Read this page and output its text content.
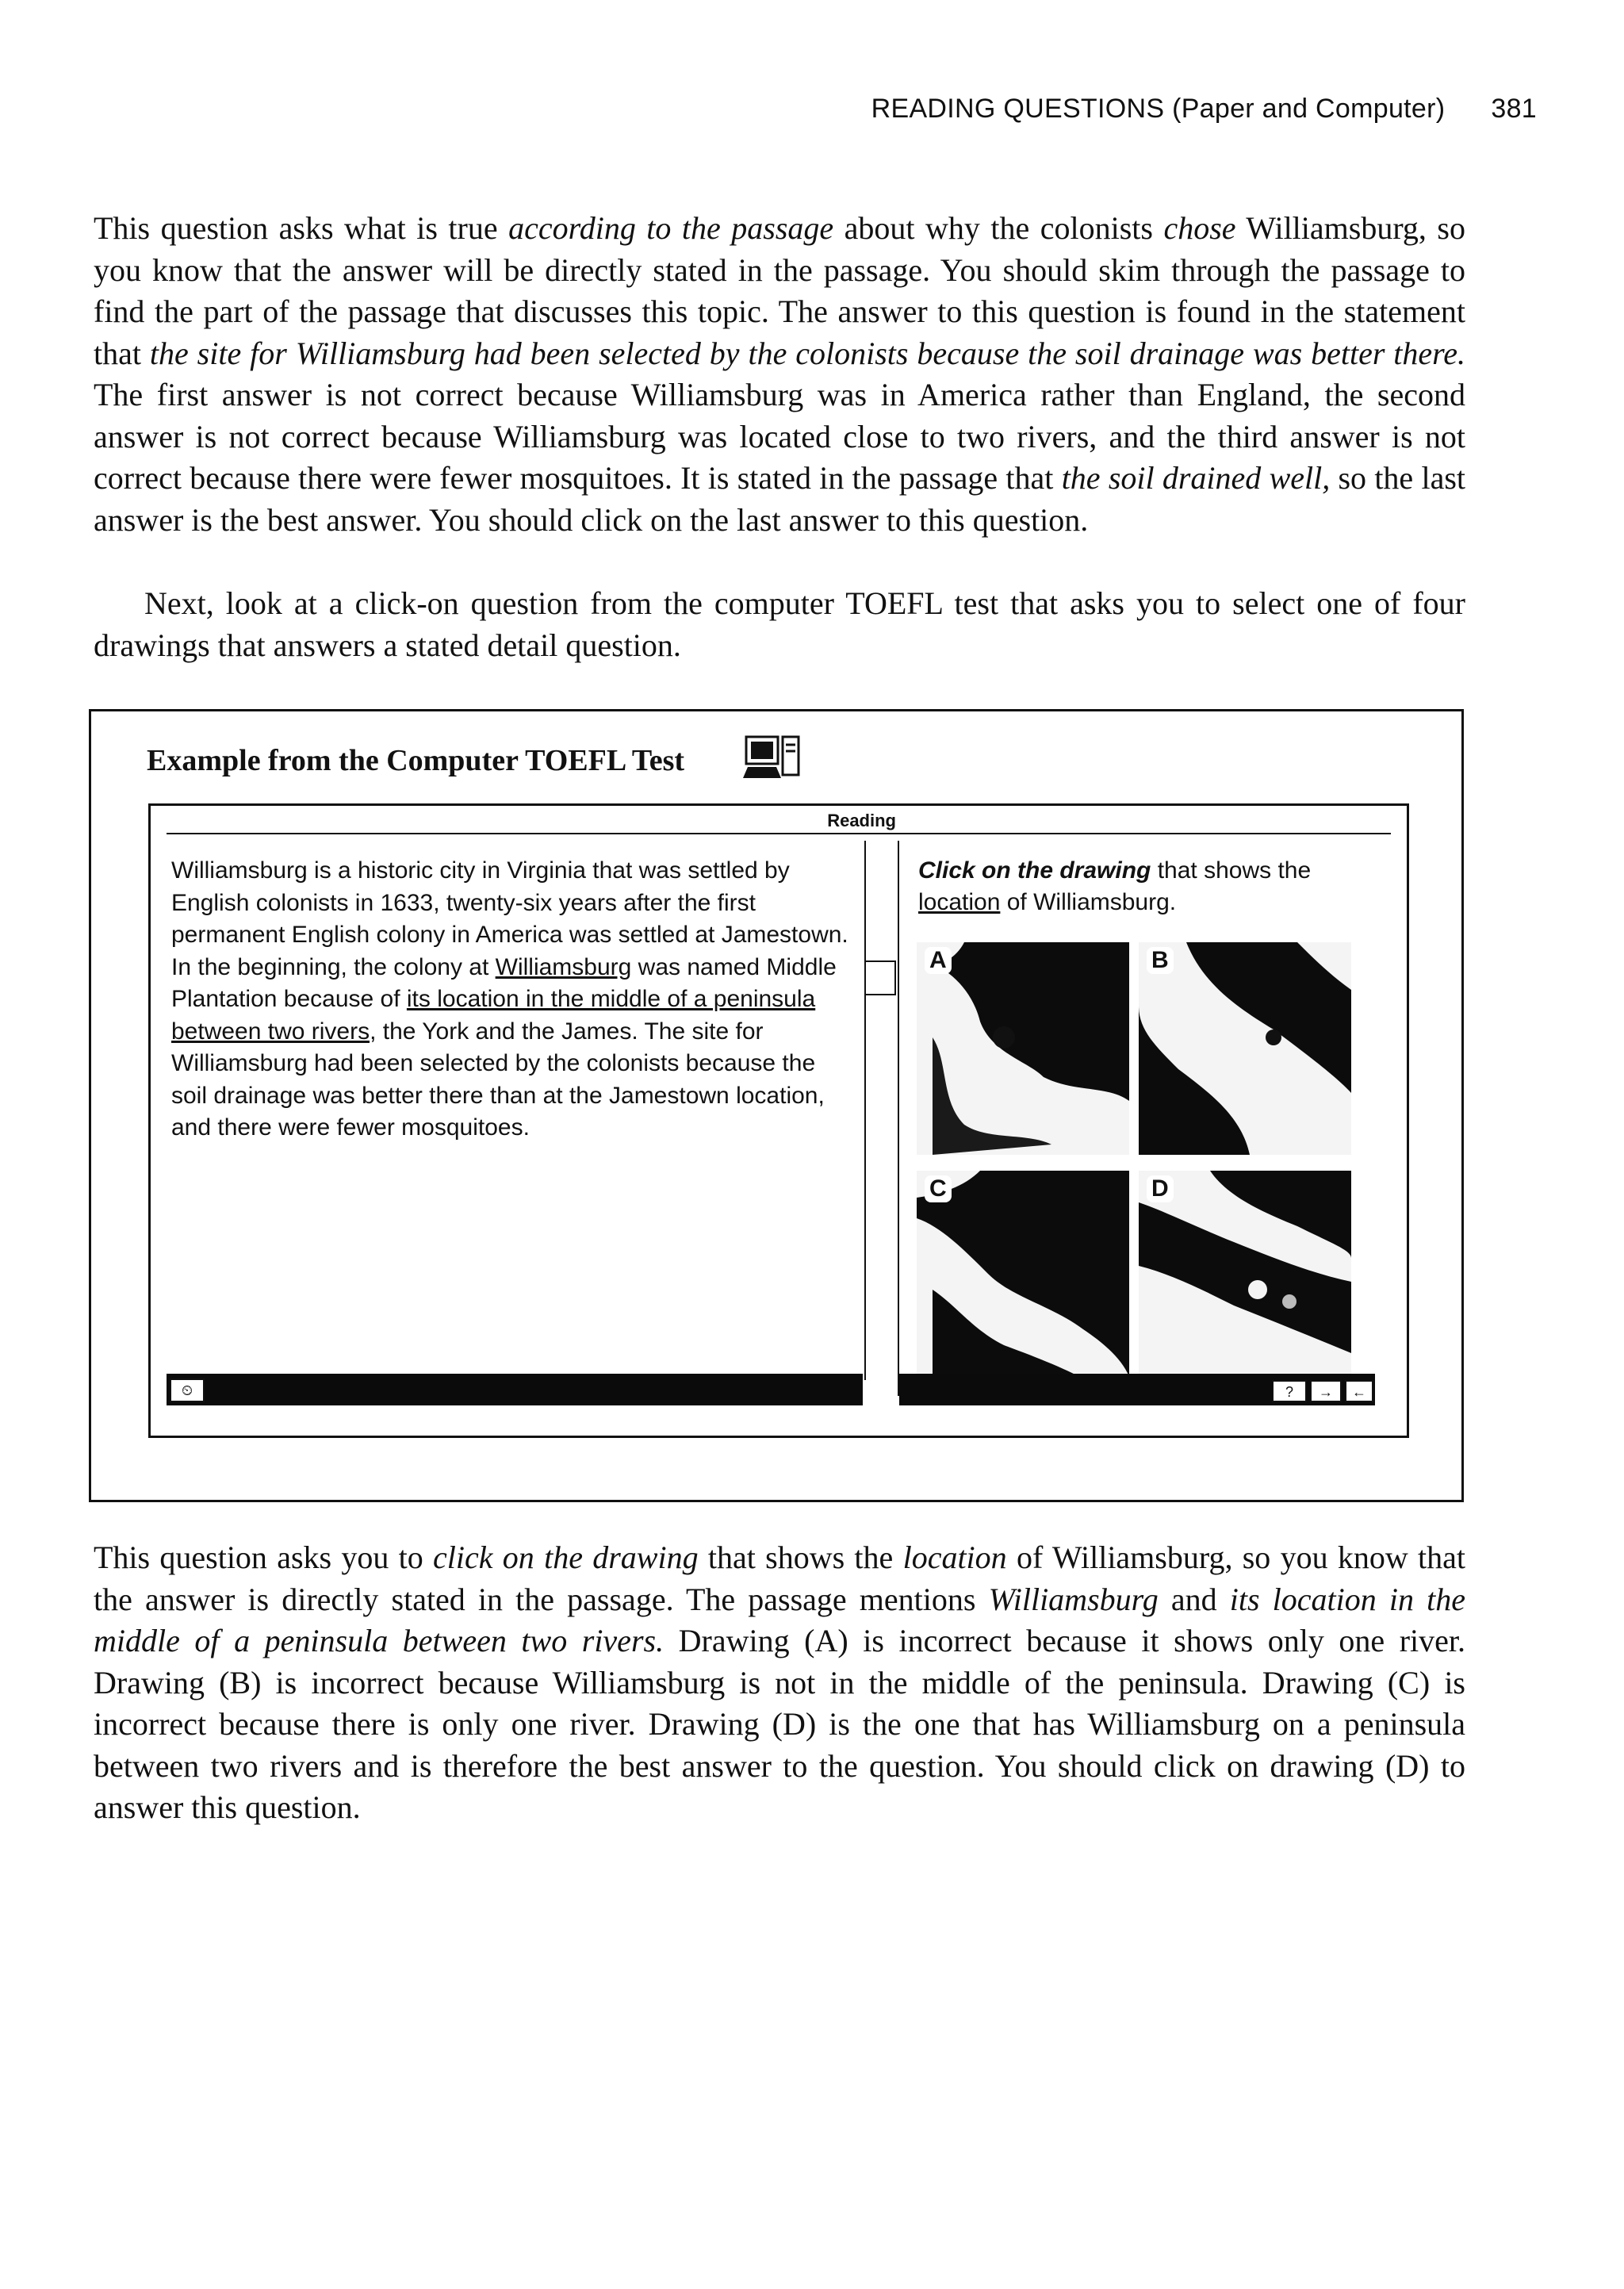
READING QUESTIONS (Paper and Computer) 381

This question asks what is true according to the passage about why the colonists chose Williamsburg, so you know that the answer will be directly stated in the passage. You should skim through the passage to find the part of the passage that discusses this topic. The answer to this question is found in the statement that the site for Williamsburg had been selected by the colonists because the soil drainage was better there. The first answer is not correct because Williamsburg was in America rather than England, the second answer is not correct because Williamsburg was located close to two rivers, and the third answer is not correct because there were fewer mosquitoes. It is stated in the passage that the soil drained well, so the last answer is the best answer. You should click on the last answer to this question.

Next, look at a click-on question from the computer TOEFL test that asks you to select one of four drawings that answers a stated detail question.

Example from the Computer TOEFL Test
Reading
Williamsburg is a historic city in Virginia that was settled by English colonists in 1633, twenty-six years after the first permanent English colony in America was settled at Jamestown. In the beginning, the colony at Williamsburg was named Middle Plantation because of its location in the middle of a peninsula between two rivers, the York and the James. The site for Williamsburg had been selected by the colonists because the soil drainage was better there than at the Jamestown location, and there were fewer mosquitoes.
Click on the drawing that shows the location of Williamsburg.
A	B
C	D
⏲	?	→	←

This question asks you to click on the drawing that shows the location of Williamsburg, so you know that the answer is directly stated in the passage. The passage mentions Williamsburg and its location in the middle of a peninsula between two rivers. Drawing (A) is incorrect because it shows only one river. Drawing (B) is incorrect because Williamsburg is not in the middle of the peninsula. Drawing (C) is incorrect because there is only one river. Drawing (D) is the one that has Williamsburg on a peninsula between two rivers and is therefore the best answer to the question. You should click on drawing (D) to answer this question.
